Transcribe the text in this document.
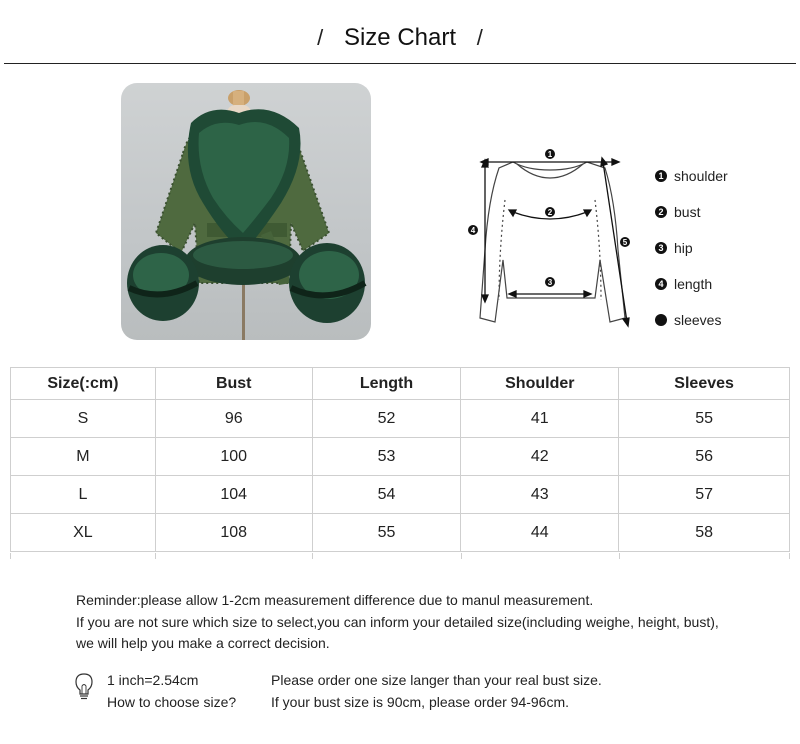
/ Size Chart /
1
2
3
4
5
1 shoulder
2 bust
3 hip
4 length
sleeves
Size(:cm)	Bust	Length	Shoulder	Sleeves
S	96	52	41	55
M	100	53	42	56
L	104	54	43	57
XL	108	55	44	58
Reminder:please allow 1-2cm measurement difference due to manul measurement.
If you are not sure which size to select,you can inform your detailed size(including weighe, height, bust),
we will help you make a correct decision.
1 inch=2.54cm
How to choose size?
Please order one size langer than your real bust size.
If your bust size is 90cm, please order 94-96cm.
